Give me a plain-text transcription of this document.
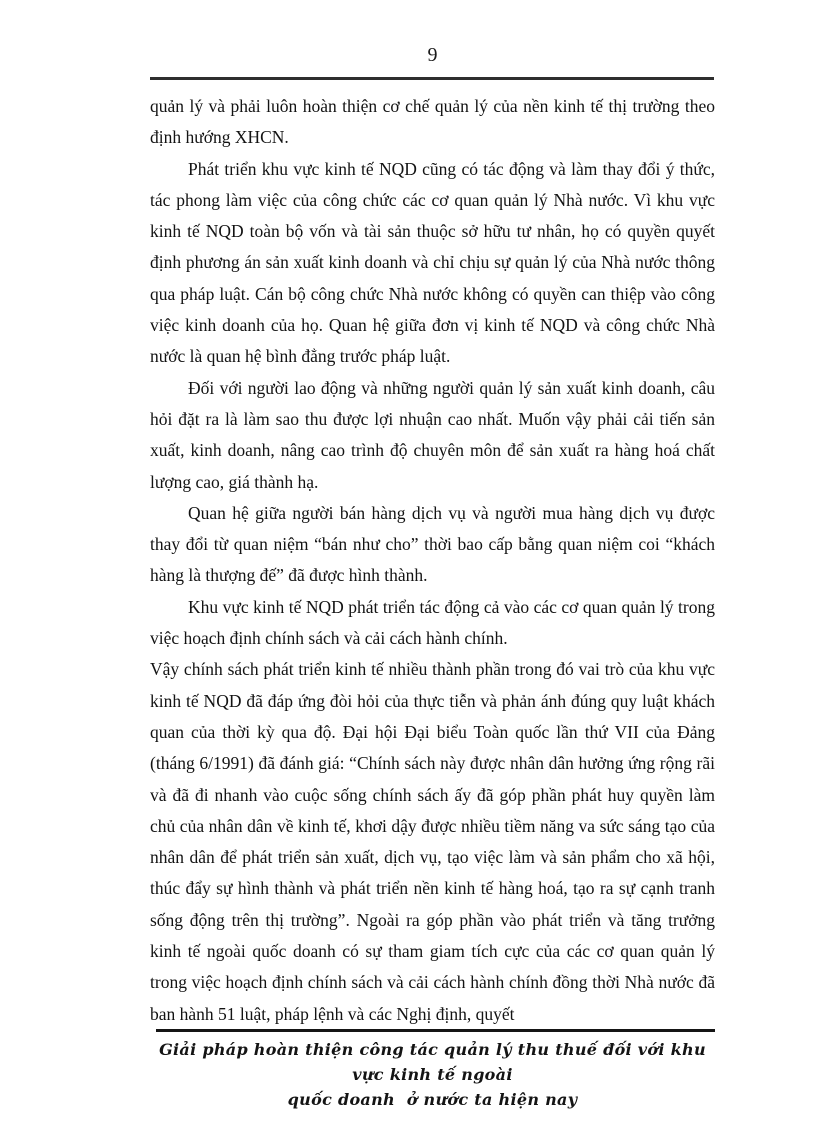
9

quản lý và phải luôn hoàn thiện cơ chế quản lý của nền kinh tế thị trường theo định hướng XHCN.

Phát triển khu vực kinh tế NQD cũng có tác động và làm thay đổi ý thức, tác phong làm việc của công chức các cơ quan quản lý Nhà nước. Vì khu vực kinh tế NQD toàn bộ vốn và tài sản thuộc sở hữu tư nhân, họ có quyền quyết định phương án sản xuất kinh doanh và chỉ chịu sự quản lý của Nhà nước thông qua pháp luật. Cán bộ công chức Nhà nước không có quyền can thiệp vào công việc kinh doanh của họ. Quan hệ giữa đơn vị kinh tế NQD và công chức Nhà nước là quan hệ bình đẳng trước pháp luật.

Đối với người lao động và những người quản lý sản xuất kinh doanh, câu hỏi đặt ra là làm sao thu được lợi nhuận cao nhất. Muốn vậy phải cải tiến sản xuất, kinh doanh, nâng cao trình độ chuyên môn để sản xuất ra hàng hoá chất lượng cao, giá thành hạ.

Quan hệ giữa người bán hàng dịch vụ và người mua hàng dịch vụ được thay đổi từ quan niệm “bán như cho” thời bao cấp bằng quan niệm coi “khách hàng là thượng đế” đã được hình thành.

Khu vực kinh tế NQD phát triển tác động cả vào các cơ quan quản lý trong việc hoạch định chính sách và cải cách hành chính.

Vậy chính sách phát triển kinh tế nhiều thành phần trong đó vai trò của khu vực kinh tế NQD đã đáp ứng đòi hỏi của thực tiễn và phản ánh đúng quy luật khách quan của thời kỳ qua độ. Đại hội Đại biểu Toàn quốc lần thứ VII của Đảng (tháng 6/1991) đã đánh giá: “Chính sách này được nhân dân hưởng ứng rộng rãi và đã đi nhanh vào cuộc sống chính sách ấy đã góp phần phát huy quyền làm chủ của nhân dân về kinh tế, khơi dậy được nhiều tiềm năng va sức sáng tạo của nhân dân để phát triển sản xuất, dịch vụ, tạo việc làm và sản phẩm cho xã hội, thúc đẩy sự hình thành và phát triển nền kinh tế hàng hoá, tạo ra sự cạnh tranh sống động trên thị trường”. Ngoài ra góp phần vào phát triển và tăng trưởng kinh tế ngoài quốc doanh có sự tham giam tích cực của các cơ quan quản lý trong việc hoạch định chính sách và cải cách hành chính đồng thời Nhà nước đã ban hành 51 luật, pháp lệnh và các Nghị định, quyết

Giải pháp hoàn thiện công tác quản lý thu thuế đối với khu vực kinh tế ngoài
quốc doanh  ở nước ta hiện nay
